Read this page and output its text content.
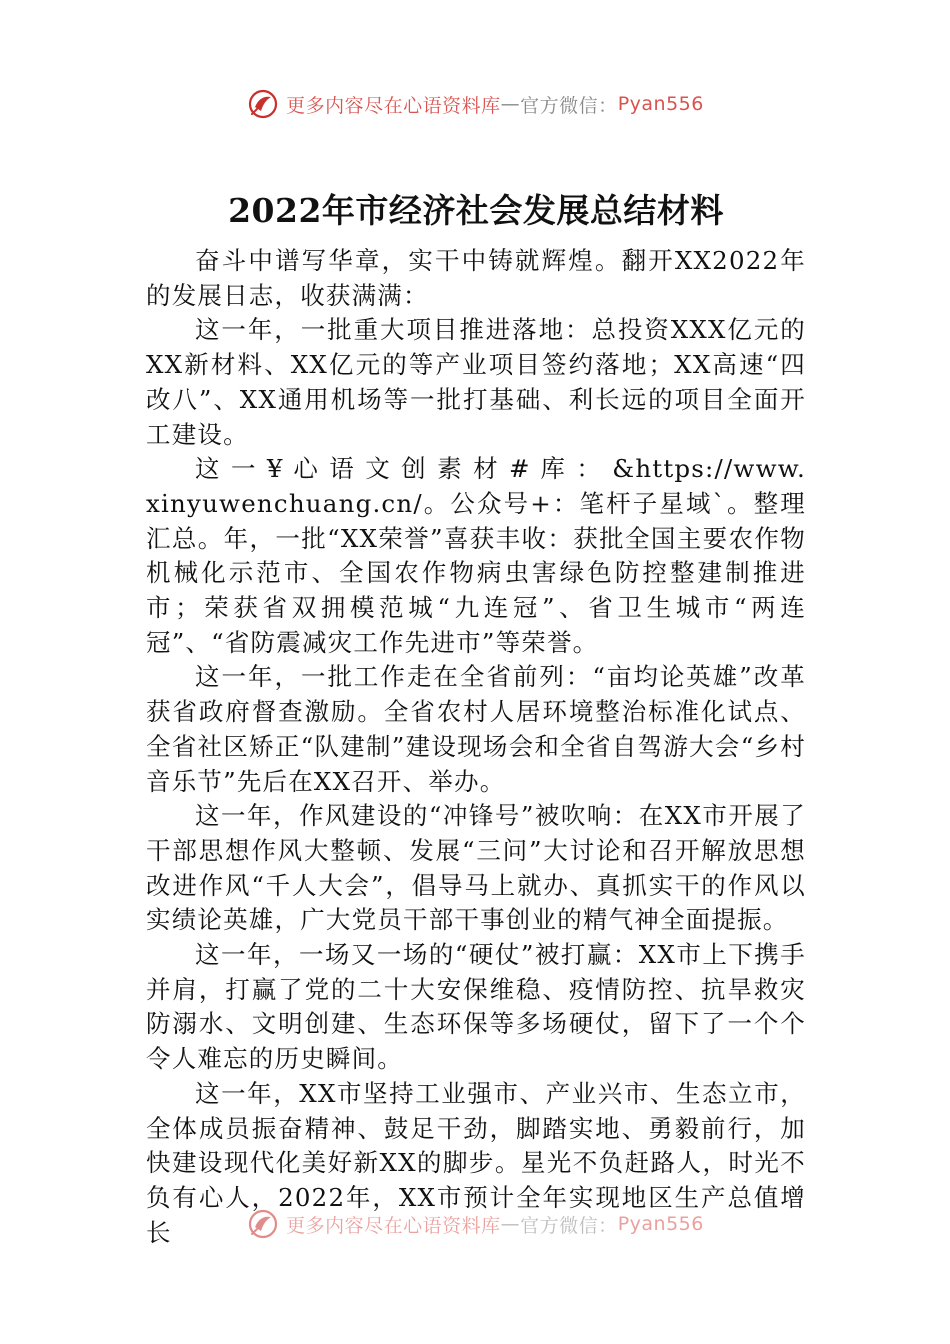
更多内容尽在心语资料库 — 官方微信： Pyan556
2022年市经济社会发展总结材料

奋斗中谱写华章，实干中铸就辉煌。翻开XX2022年的发展日志，收获满满：

这一年，一批重大项目推进落地：总投资XXX亿元的XX新材料、XX亿元的等产业项目签约落地；XX高速“四改八”、XX通用机场等一批打基础、利长远的项目全面开工建设。

这 一 ¥ 心 语 文 创 素 材 # 库 ： &https://www.xinyuwenchuang.cn/。公众号+：笔杆子星域`。整理汇总。年，一批“XX荣誉”喜获丰收：获批全国主要农作物机械化示范市、全国农作物病虫害绿色防控整建制推进市；荣获省双拥模范城“九连冠”、省卫生城市“两连冠”、“省防震减灾工作先进市”等荣誉。

这一年，一批工作走在全省前列：“亩均论英雄”改革获省政府督查激励。全省农村人居环境整治标准化试点、全省社区矫正“队建制”建设现场会和全省自驾游大会“乡村音乐节”先后在XX召开、举办。

这一年，作风建设的“冲锋号”被吹响：在XX市开展了干部思想作风大整顿、发展“三问”大讨论和召开解放思想改进作风“千人大会”，倡导马上就办、真抓实干的作风以实绩论英雄，广大党员干部干事创业的精气神全面提振。

这一年，一场又一场的“硬仗”被打赢：XX市上下携手并肩，打赢了党的二十大安保维稳、疫情防控、抗旱救灾防溺水、文明创建、生态环保等多场硬仗，留下了一个个令人难忘的历史瞬间。

这一年，XX市坚持工业强市、产业兴市、生态立市，全体成员振奋精神、鼓足干劲，脚踏实地、勇毅前行，加快建设现代化美好新XX的脚步。星光不负赶路人，时光不负有心人，2022年，XX市预计全年实现地区生产总值增长	更多内容尽在心语资料库 — 官方微信： Pyan556
